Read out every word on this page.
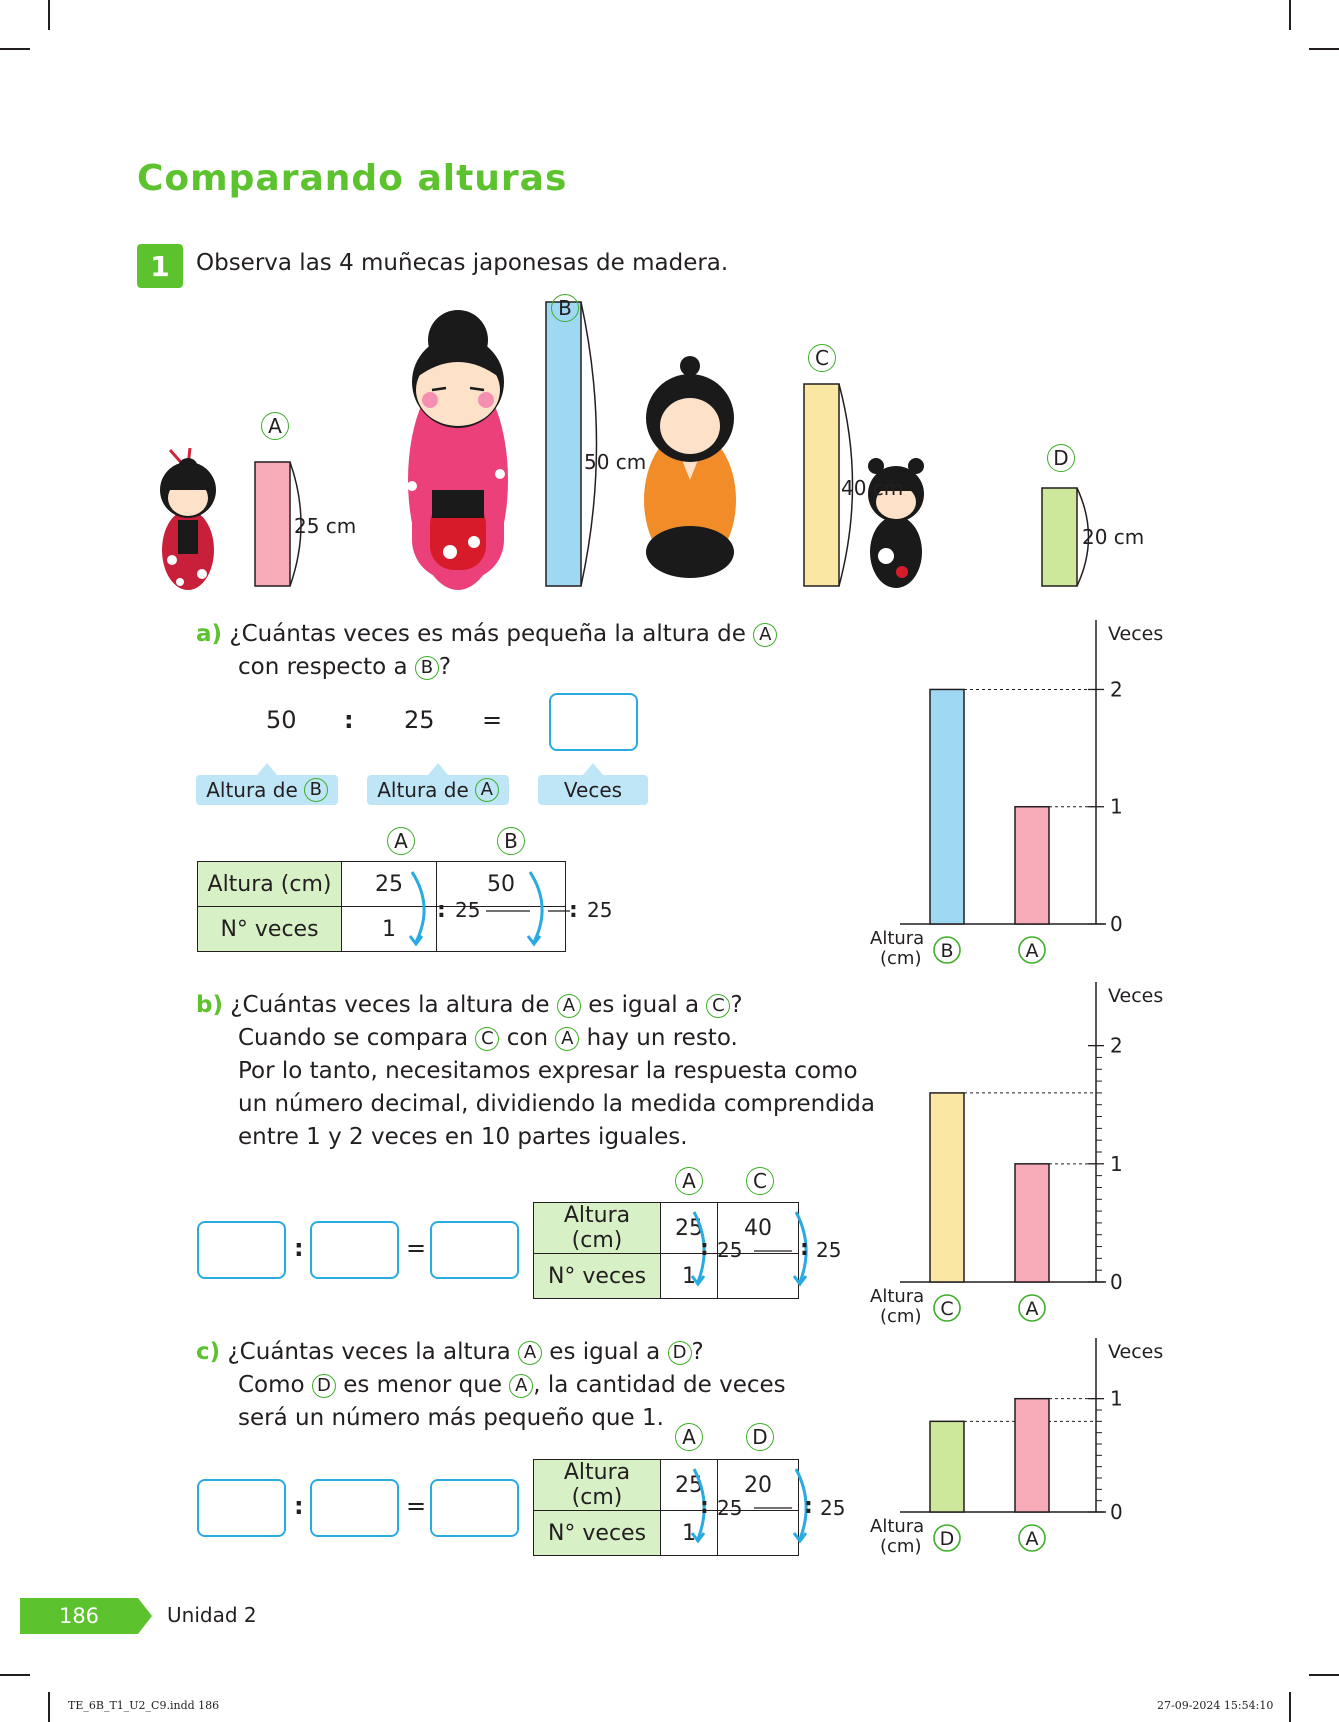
Comparando alturas
1	Observa las 4 muñecas japonesas de madera.
A
25 cm
B
50 cm
C
40 cm
D
20 cm
a) ¿Cuántas veces es más pequeña la altura de A
con respecto a B ?
50 : 25 =
Altura de B	Altura de A	Veces
A	B
Altura (cm)	25	50
N° veces	1	
: 25	: 25
b) ¿Cuántas veces la altura de A es igual a C ?
Cuando se compara C con A hay un resto.
Por lo tanto, necesitamos expresar la respuesta como
un número decimal, dividiendo la medida comprendida
entre 1 y 2 veces en 10 partes iguales.
:	=
A	C
Altura (cm)	25	40
N° veces	1	
: 25	: 25
c) ¿Cuántas veces la altura A es igual a D ?
Como D es menor que A , la cantidad de veces
será un número más pequeño que 1.
:	=
A	D
Altura (cm)	25	20
N° veces	1	
: 25	: 25
Veces
0
1
2
Altura
(cm) B	A
Veces
0
1
2
Altura
(cm) C	A
Veces
0
1
Altura
(cm) D	A
186	Unidad 2
TE_6B_T1_U2_C9.indd 186	27-09-2024 15:54:10
